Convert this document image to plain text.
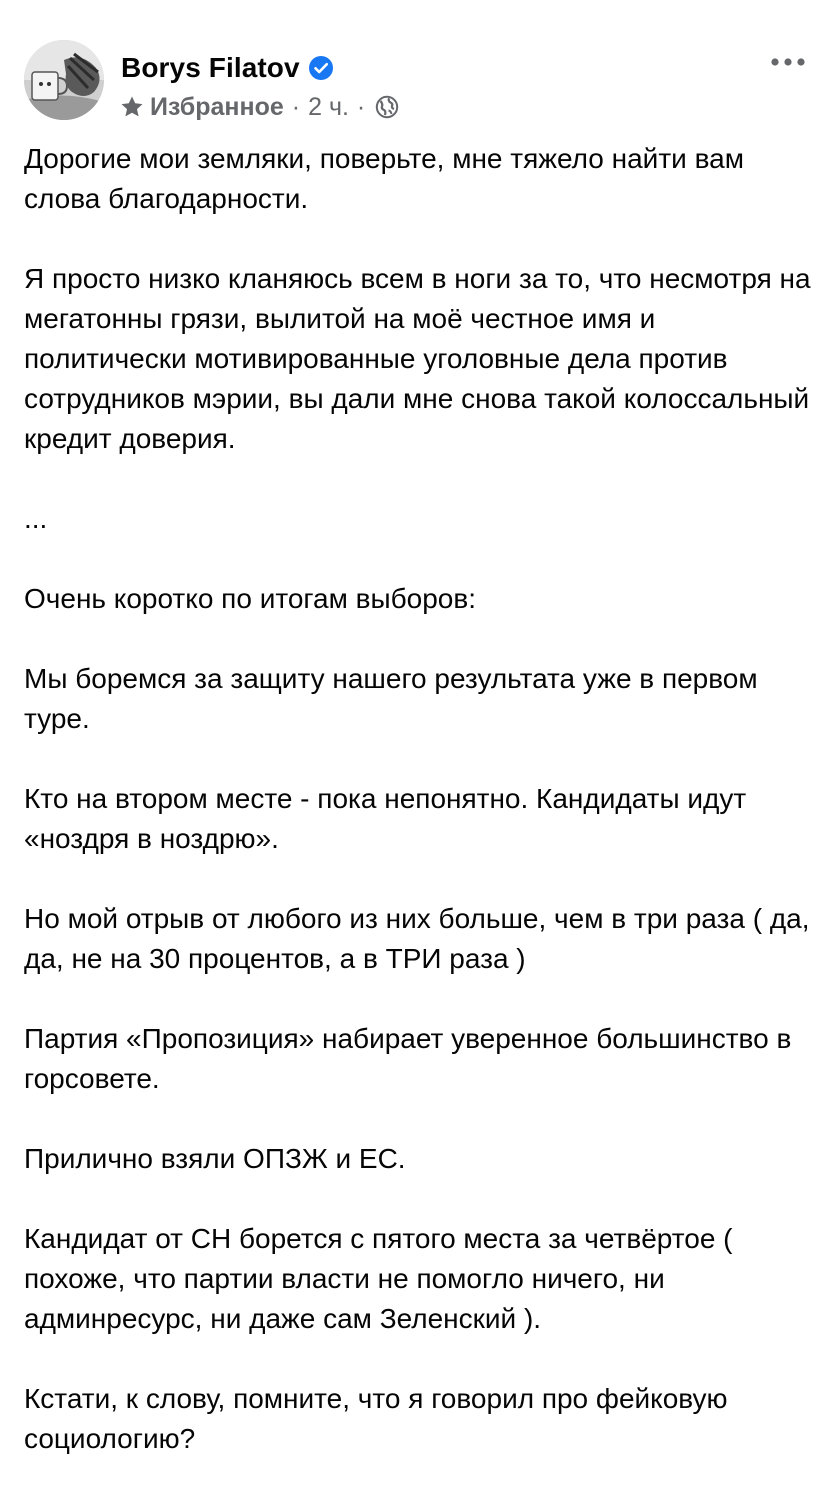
Borys Filatov
Избранное · 2 ч. ·

Дорогие мои земляки, поверьте, мне тяжело найти вам слова благодарности.

Я просто низко кланяюсь всем в ноги за то, что несмотря на мегатонны грязи, вылитой на моё честное имя и политически мотивированные уголовные дела против сотрудников мэрии, вы дали мне снова такой колоссальный кредит доверия.

...

Очень коротко по итогам выборов:

Мы боремся за защиту нашего результата уже в первом туре.

Кто на втором месте - пока непонятно. Кандидаты идут «ноздря в ноздрю».

Но мой отрыв от любого из них больше, чем в три раза ( да, да, не на 30 процентов, а в ТРИ раза )

Партия «Пропозиция» набирает уверенное большинство в горсовете.

Прилично взяли ОПЗЖ и ЕС.

Кандидат от СН борется с пятого места за четвёртое ( похоже, что партии власти не помогло ничего, ни админресурс, ни даже сам Зеленский ).

Кстати, к слову, помните, что я говорил про фейковую социологию?
